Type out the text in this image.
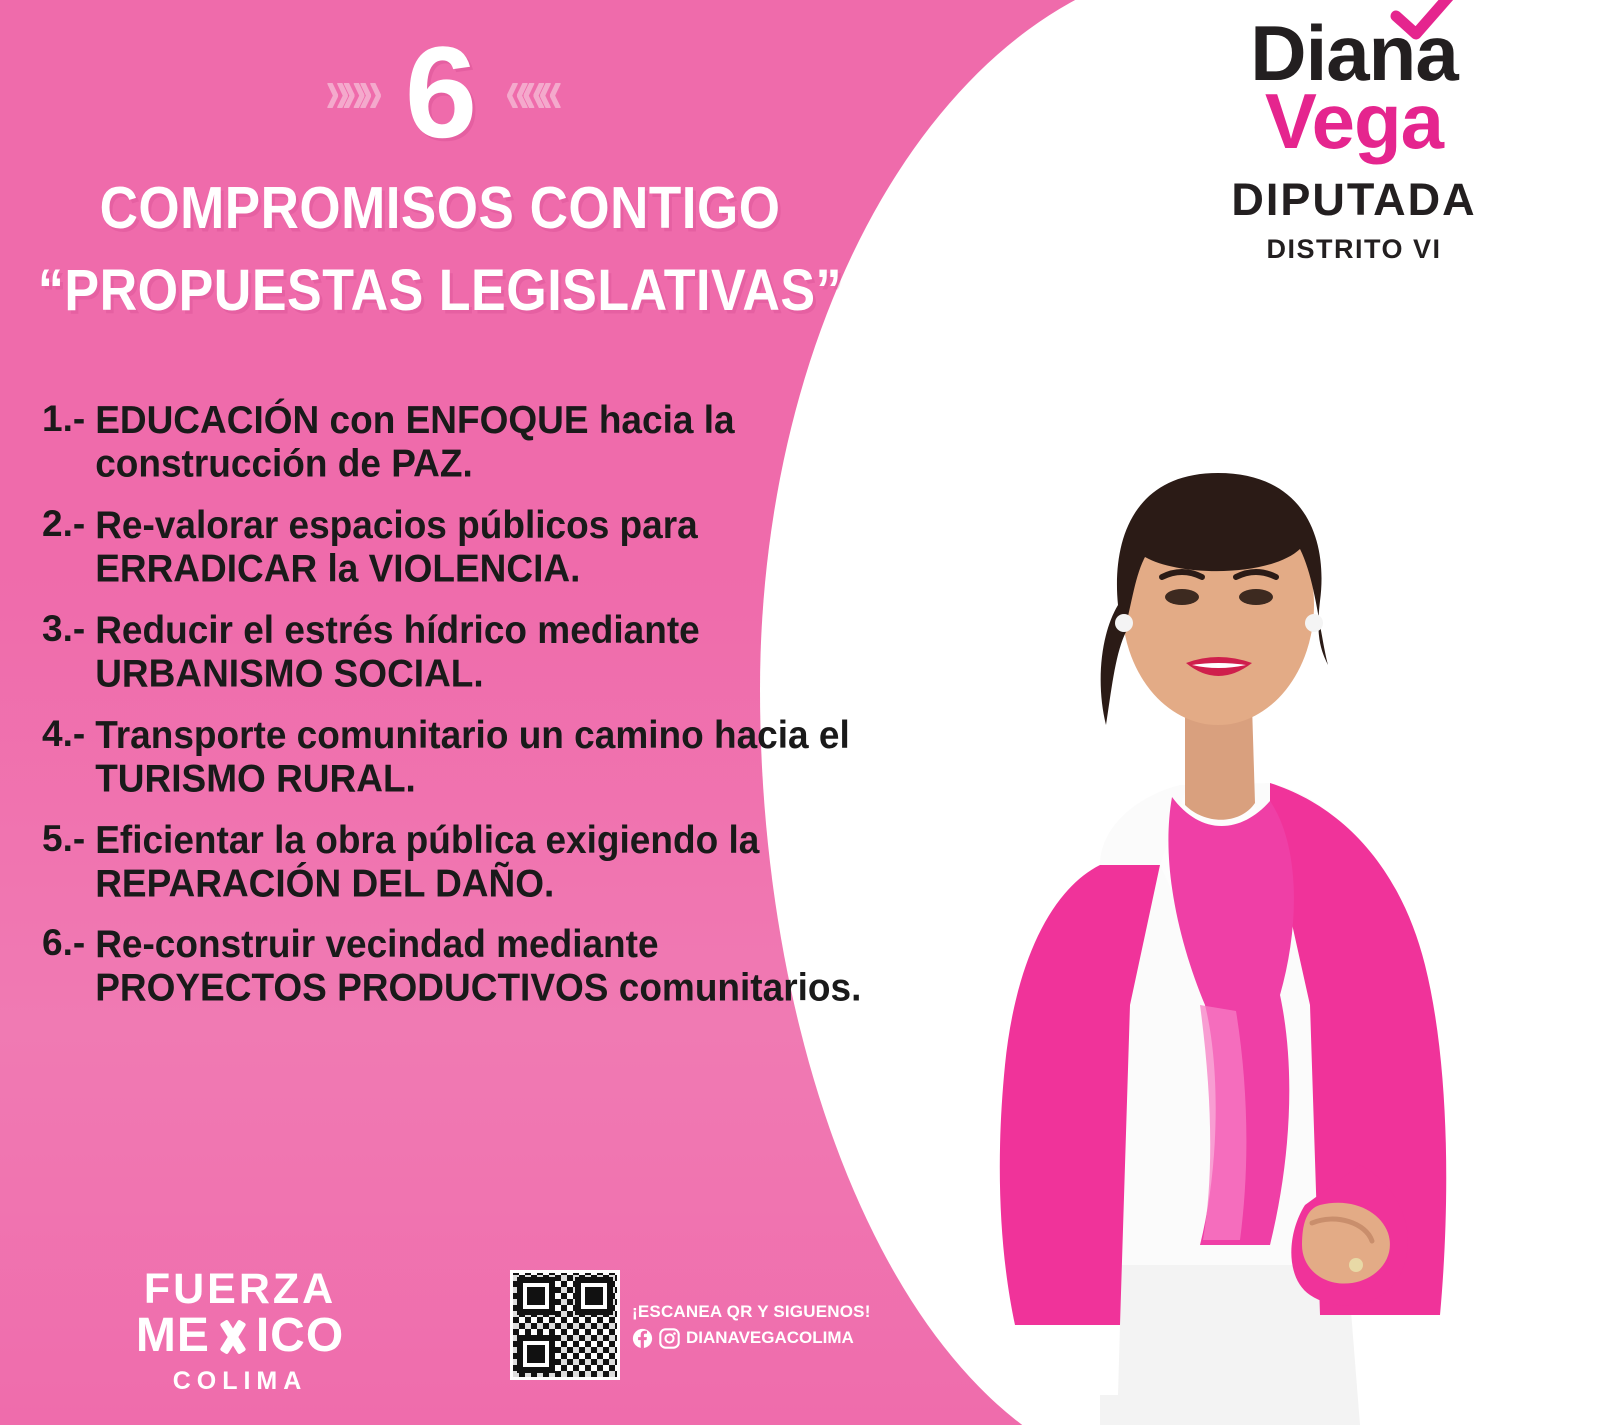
»»» 6 «««
COMPROMISOS CONTIGO
“PROPUESTAS LEGISLATIVAS”
1.- EDUCACIÓN con ENFOQUE hacia la construcción de PAZ.
2.- Re-valorar espacios públicos para ERRADICAR la VIOLENCIA.
3.- Reducir el estrés hídrico mediante URBANISMO SOCIAL.
4.- Transporte comunitario un camino hacia el TURISMO RURAL.
5.- Eficientar la obra pública exigiendo la REPARACIÓN DEL DAÑO.
6.- Re-construir vecindad mediante PROYECTOS PRODUCTIVOS comunitarios.
FUERZA
ME ICO
COLIMA
¡ESCANEA QR Y SIGUENOS!
DIANAVEGACOLIMA
Diana
Vega
DIPUTADA
DISTRITO VI
